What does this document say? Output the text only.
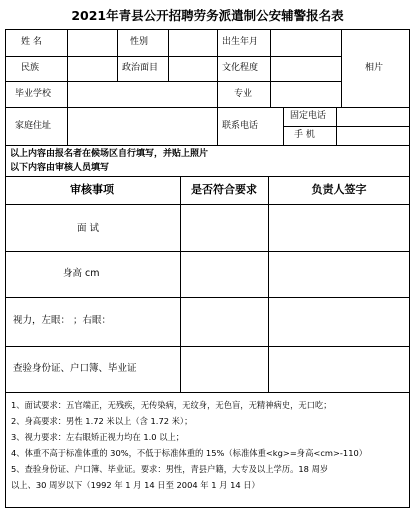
2021年青县公开招聘劳务派遣制公安辅警报名表
姓 名	性别	出生年月
民族	政治面目	文化程度	相片
毕业学校	专业
家庭住址	联系电话
固定电话
手 机
以上内容由报名者在候场区自行填写，并贴上照片
以下内容由审核人员填写
审核事项	是否符合要求	负责人签字
面 试
身高 cm
视力，左眼： ；右眼：
查验身份证、户口簿、毕业证
1、面试要求：五官端正，无残疾，无传染病，无纹身，无色盲，无精神病史，无口吃；
2、身高要求：男性 1.72 米以上（含 1.72 米）；
3、视力要求：左右眼矫正视力均在 1.0 以上；
4、体重不高于标准体重的 30%，不低于标准体重的 15%（标准体重<kg>=身高<cm>-110）
5、查验身份证、户口簿、毕业证。要求：男性，青县户籍，大专及以上学历。18 周岁
以上、30 周岁以下（1992 年 1 月 14 日至 2004 年 1 月 14 日）
